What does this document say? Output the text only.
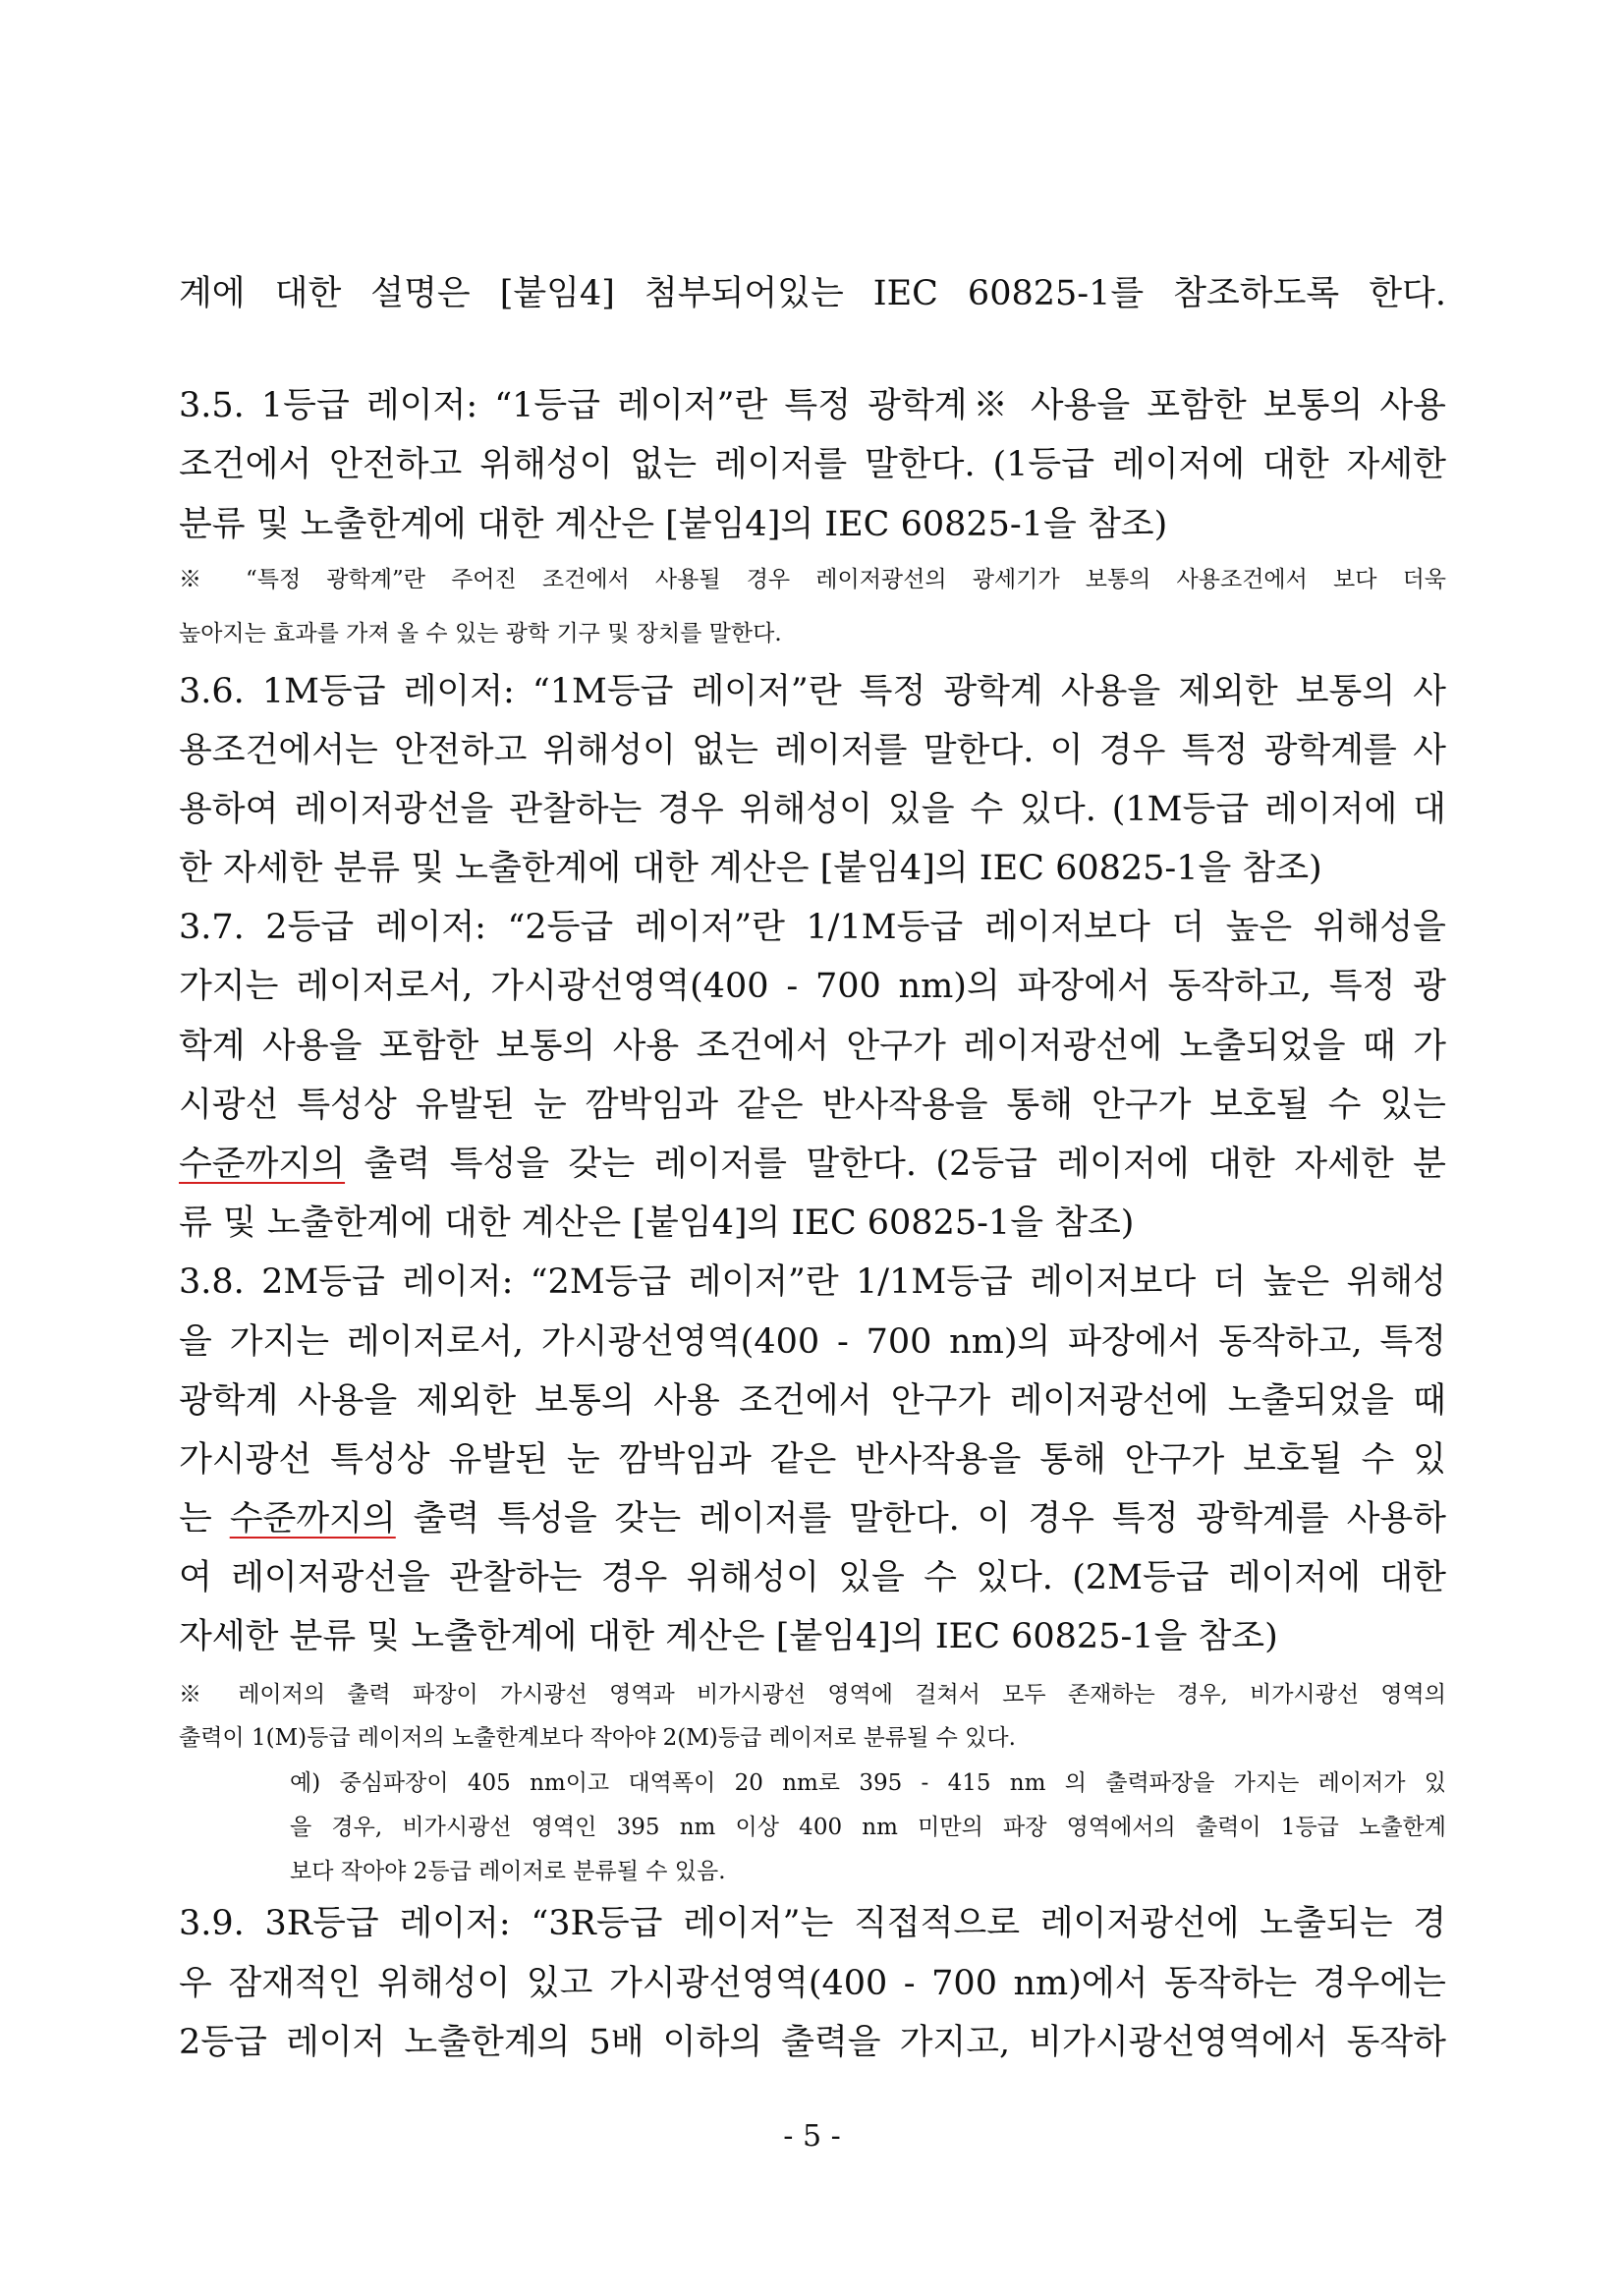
계에 대한 설명은 [붙임4] 첨부되어있는 IEC 60825-1를 참조하도록 한다.
3.5. 1등급 레이저: “1등급 레이저”란 특정 광학계※ 사용을 포함한 보통의 사용
조건에서 안전하고 위해성이 없는 레이저를 말한다. (1등급 레이저에 대한 자세한
분류 및 노출한계에 대한 계산은 [붙임4]의 IEC 60825-1을 참조)
※ “특정 광학계”란 주어진 조건에서 사용될 경우 레이저광선의 광세기가 보통의 사용조건에서 보다 더욱
높아지는 효과를 가져 올 수 있는 광학 기구 및 장치를 말한다.
3.6. 1M등급 레이저: “1M등급 레이저”란 특정 광학계 사용을 제외한 보통의 사
용조건에서는 안전하고 위해성이 없는 레이저를 말한다. 이 경우 특정 광학계를 사
용하여 레이저광선을 관찰하는 경우 위해성이 있을 수 있다. (1M등급 레이저에 대
한 자세한 분류 및 노출한계에 대한 계산은 [붙임4]의 IEC 60825-1을 참조)
3.7. 2등급 레이저: “2등급 레이저”란 1/1M등급 레이저보다 더 높은 위해성을
가지는 레이저로서, 가시광선영역(400 - 700 nm)의 파장에서 동작하고, 특정 광
학계 사용을 포함한 보통의 사용 조건에서 안구가 레이저광선에 노출되었을 때 가
시광선 특성상 유발된 눈 깜박임과 같은 반사작용을 통해 안구가 보호될 수 있는
수준까지의 출력 특성을 갖는 레이저를 말한다. (2등급 레이저에 대한 자세한 분
류 및 노출한계에 대한 계산은 [붙임4]의 IEC 60825-1을 참조)
3.8. 2M등급 레이저: “2M등급 레이저”란 1/1M등급 레이저보다 더 높은 위해성
을 가지는 레이저로서, 가시광선영역(400 - 700 nm)의 파장에서 동작하고, 특정
광학계 사용을 제외한 보통의 사용 조건에서 안구가 레이저광선에 노출되었을 때
가시광선 특성상 유발된 눈 깜박임과 같은 반사작용을 통해 안구가 보호될 수 있
는 수준까지의 출력 특성을 갖는 레이저를 말한다. 이 경우 특정 광학계를 사용하
여 레이저광선을 관찰하는 경우 위해성이 있을 수 있다. (2M등급 레이저에 대한
자세한 분류 및 노출한계에 대한 계산은 [붙임4]의 IEC 60825-1을 참조)
※ 레이저의 출력 파장이 가시광선 영역과 비가시광선 영역에 걸쳐서 모두 존재하는 경우, 비가시광선 영역의
출력이 1(M)등급 레이저의 노출한계보다 작아야 2(M)등급 레이저로 분류될 수 있다.
예) 중심파장이 405 nm이고 대역폭이 20 nm로 395 - 415 nm 의 출력파장을 가지는 레이저가 있
을 경우, 비가시광선 영역인 395 nm 이상 400 nm 미만의 파장 영역에서의 출력이 1등급 노출한계
보다 작아야 2등급 레이저로 분류될 수 있음.
3.9. 3R등급 레이저: “3R등급 레이저”는 직접적으로 레이저광선에 노출되는 경
우 잠재적인 위해성이 있고 가시광선영역(400 - 700 nm)에서 동작하는 경우에는
2등급 레이저 노출한계의 5배 이하의 출력을 가지고, 비가시광선영역에서 동작하
- 5 -
